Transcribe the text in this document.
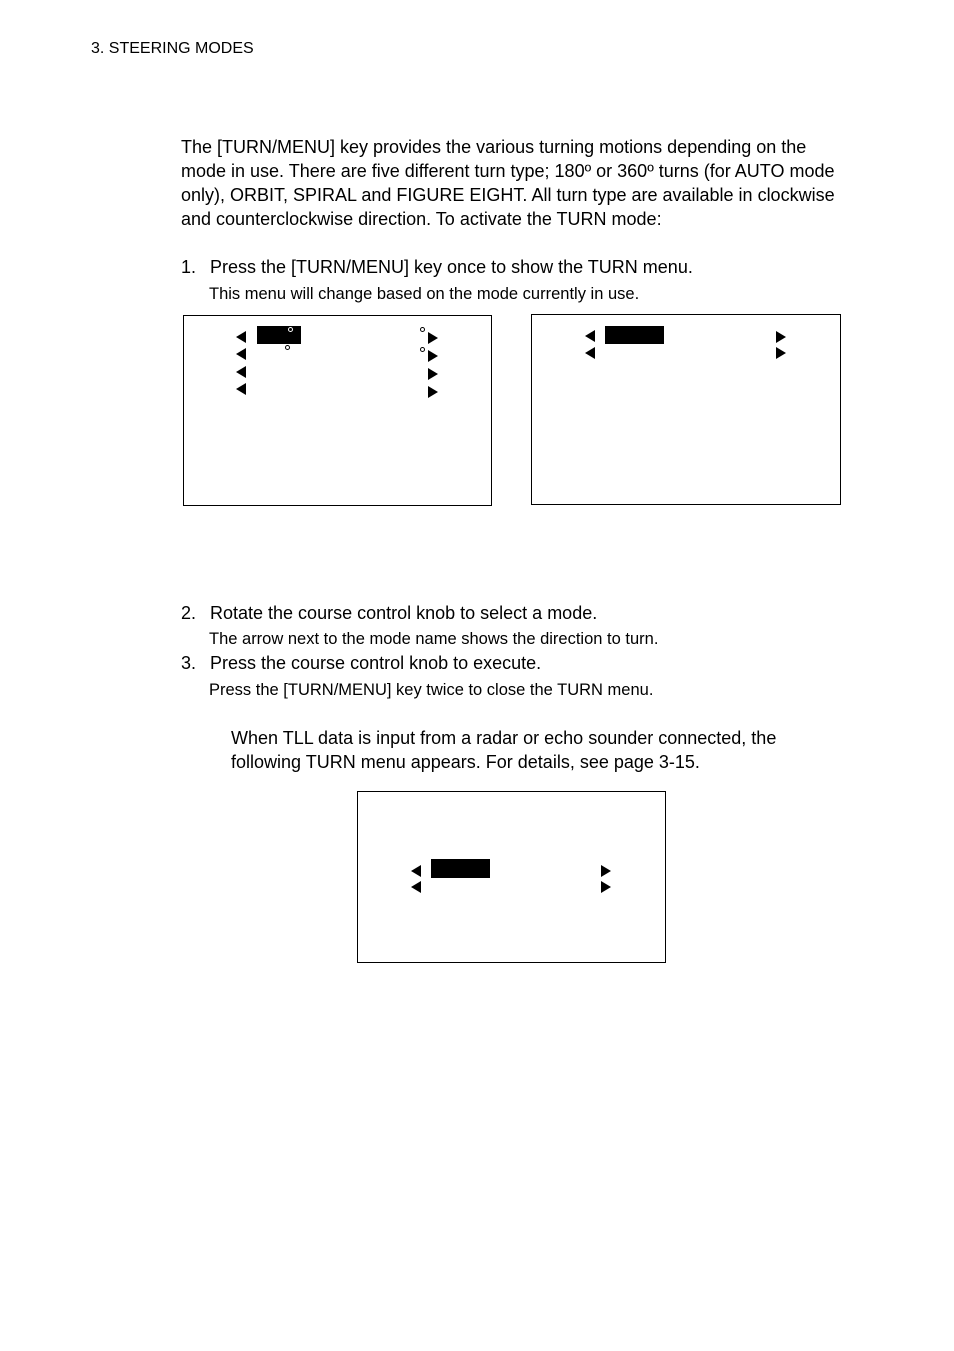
3. STEERING MODES
The [TURN/MENU] key provides the various turning motions depending on the mode in use. There are five different turn type; 180º or 360º turns (for AUTO mode only), ORBIT, SPIRAL and FIGURE EIGHT. All turn type are available in clockwise and counterclockwise direction. To activate the TURN mode:
1. Press the [TURN/MENU] key once to show the TURN menu.
This menu will change based on the mode currently in use.
2. Rotate the course control knob to select a mode.
The arrow next to the mode name shows the direction to turn.
3. Press the course control knob to execute.
Press the [TURN/MENU] key twice to close the TURN menu.
When TLL data is input from a radar or echo sounder connected, the following TURN menu appears. For details, see page 3-15.
